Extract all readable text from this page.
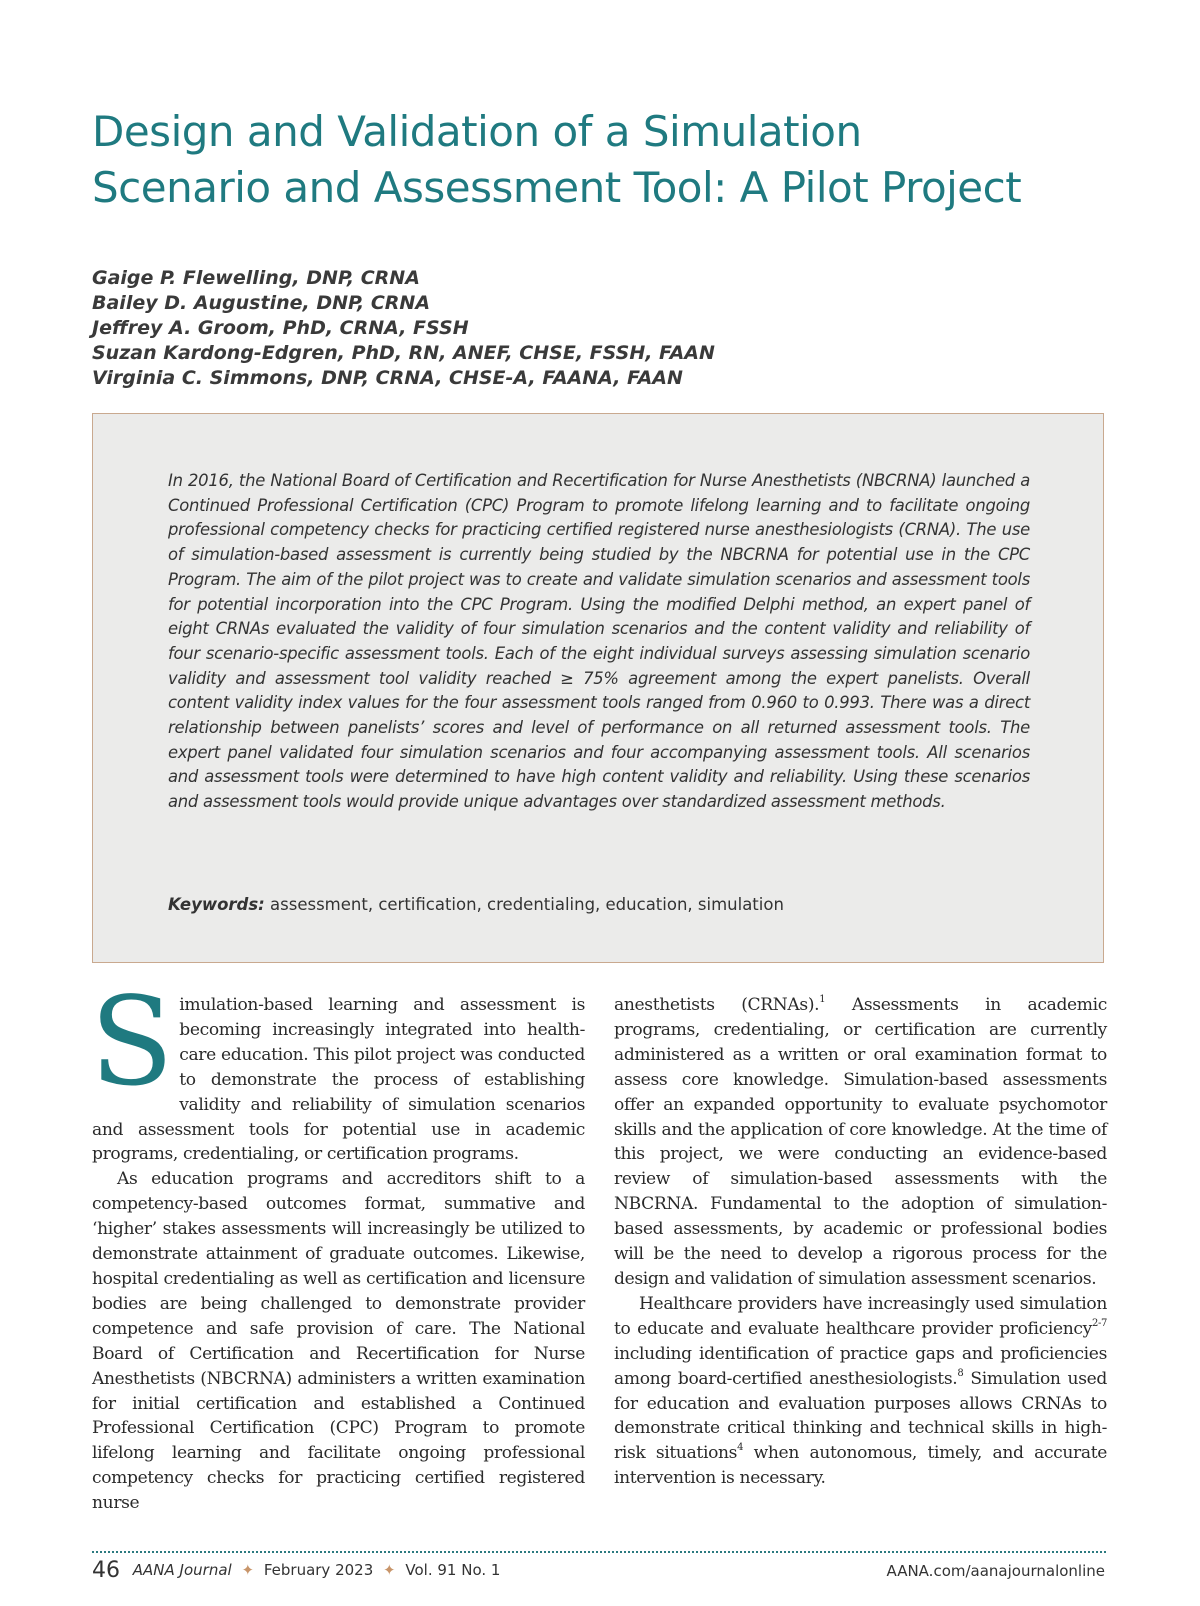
Design and Validation of a Simulation
Scenario and Assessment Tool: A Pilot Project
Gaige P. Flewelling, DNP, CRNA
Bailey D. Augustine, DNP, CRNA
Jeffrey A. Groom, PhD, CRNA, FSSH
Suzan Kardong-Edgren, PhD, RN, ANEF, CHSE, FSSH, FAAN
Virginia C. Simmons, DNP, CRNA, CHSE-A, FAANA, FAAN

In 2016, the National Board of Certification and Recertification for Nurse Anesthetists (NBCRNA) launched a Continued Professional Certification (CPC) Program to promote lifelong learning and to facilitate ongoing professional competency checks for practicing certified registered nurse anesthesiologists (CRNA). The use of simulation-based assessment is currently being studied by the NBCRNA for potential use in the CPC Program. The aim of the pilot project was to create and validate simulation scenarios and assessment tools for potential incorporation into the CPC Program. Using the modified Delphi method, an expert panel of eight CRNAs evaluated the validity of four simulation scenarios and the content validity and reliability of four scenario-specific assessment tools. Each of the eight individual surveys assessing simulation scenario validity and assessment tool validity reached ≥ 75% agreement among the expert panelists. Overall content validity index values for the four assessment tools ranged from 0.960 to 0.993. There was a direct relationship between panelists’ scores and level of performance on all returned assessment tools. The expert panel validated four simulation scenarios and four accompanying assessment tools. All scenarios and assessment tools were determined to have high content validity and reliability. Using these scenarios and assessment tools would provide unique advantages over standardized assessment methods.

Keywords: assessment, certification, credentialing, education, simulation

Simulation-based learning and assessment is becoming increasingly integrated into health-care education. This pilot project was conducted to demonstrate the process of establishing validity and reliability of simulation scenarios and assessment tools for potential use in academic programs, credentialing, or certification programs.

As education programs and accreditors shift to a competency-based outcomes format, summative and ‘higher’ stakes assessments will increasingly be utilized to demonstrate attainment of graduate outcomes. Likewise, hospital credentialing as well as certification and licensure bodies are being challenged to demonstrate provider competence and safe provision of care. The National Board of Certification and Recertification for Nurse Anesthetists (NBCRNA) administers a written examination for initial certification and established a Continued Professional Certification (CPC) Program to promote lifelong learning and facilitate ongoing professional competency checks for practicing certified registered nurse

anesthetists (CRNAs).$^1$ Assessments in academic programs, credentialing, or certification are currently administered as a written or oral examination format to assess core knowledge. Simulation-based assessments offer an expanded opportunity to evaluate psychomotor skills and the application of core knowledge. At the time of this project, we were conducting an evidence-based review of simulation-based assessments with the NBCRNA. Fundamental to the adoption of simulation-based assessments, by academic or professional bodies will be the need to develop a rigorous process for the design and validation of simulation assessment scenarios.

Healthcare providers have increasingly used simulation to educate and evaluate healthcare provider proficiency$^{2-7}$ including identification of practice gaps and proficiencies among board-certified anesthesiologists.$^8$ Simulation used for education and evaluation purposes allows CRNAs to demonstrate critical thinking and technical skills in high-risk situations$^4$ when autonomous, timely, and accurate intervention is necessary.

46 AANA Journal ✦ February 2023 ✦ Vol. 91 No. 1	AANA.com/aanajournalonline
